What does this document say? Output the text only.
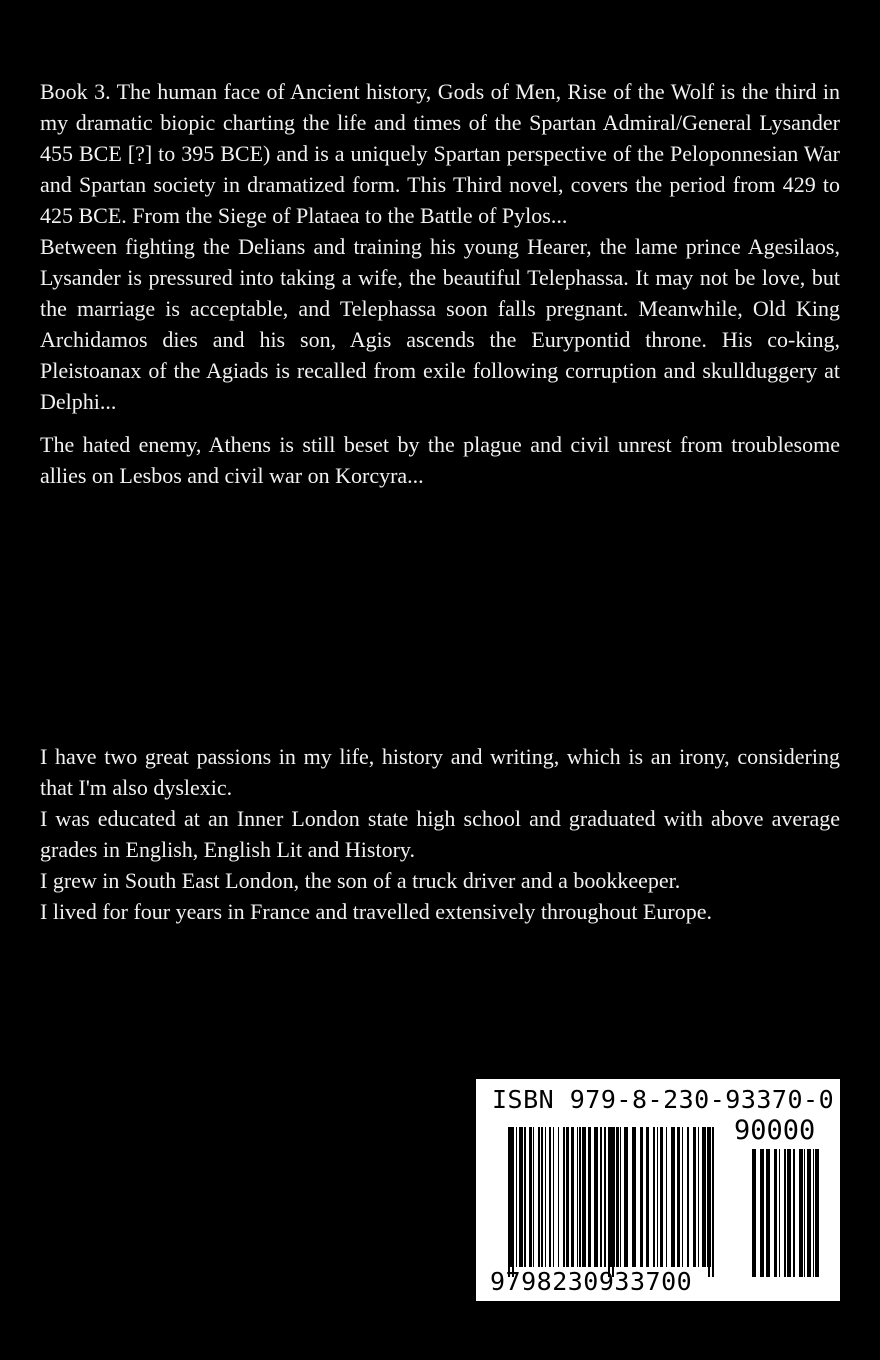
Book 3. The human face of Ancient history, Gods of Men, Rise of the Wolf is the third in my dramatic biopic charting the life and times of the Spartan Admiral/General Lysander 455 BCE [?] to 395 BCE) and is a uniquely Spartan perspective of the Peloponnesian War and Spartan society in dramatized form. This Third novel, covers the period from 429 to 425 BCE. From the Siege of Plataea to the Battle of Pylos...

Between fighting the Delians and training his young Hearer, the lame prince Agesilaos, Lysander is pressured into taking a wife, the beautiful Telephassa. It may not be love, but the marriage is acceptable, and Telephassa soon falls pregnant. Meanwhile, Old King Archidamos dies and his son, Agis ascends the Eurypontid throne. His co-king, Pleistoanax of the Agiads is recalled from exile following corruption and skullduggery at Delphi...

The hated enemy, Athens is still beset by the plague and civil unrest from troublesome allies on Lesbos and civil war on Korcyra...

I have two great passions in my life, history and writing, which is an irony, considering that I'm also dyslexic.

I was educated at an Inner London state high school and graduated with above average grades in English, English Lit and History.

I grew in South East London, the son of a truck driver and a bookkeeper.

I lived for four years in France and travelled extensively throughout Europe.

ISBN 979-8-230-93370-0
90000
9798230933700
